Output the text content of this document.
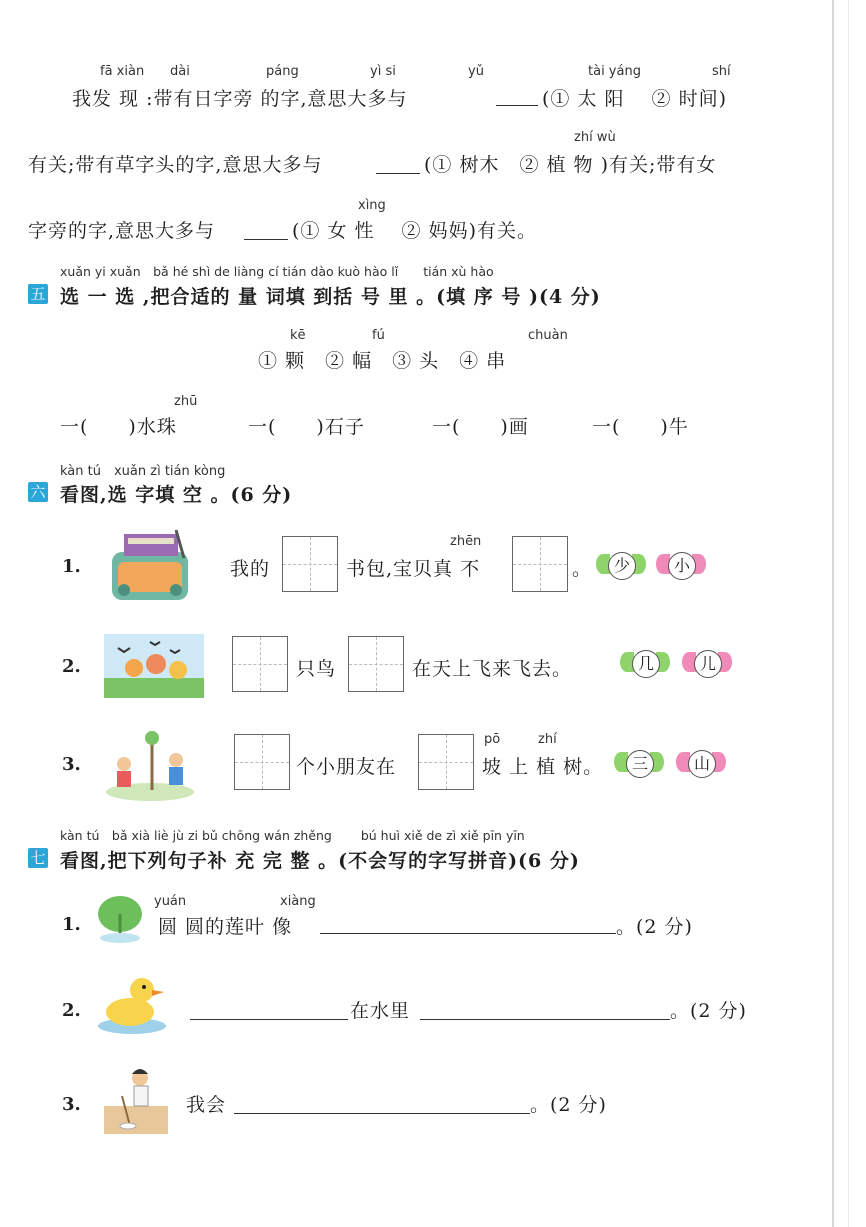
fā xiàn dài	páng	yì si	yǔ	tài yáng	shí
我发 现 :带有日字旁 的字,意思大多与	(① 太 阳　 ② 时间)
zhí wù
有关;带有草字头的字,意思大多与	(① 树木　② 植 物 )有关;带有女
xìng
字旁的字,意思大多与	(① 女 性　 ② 妈妈)有关。
xuǎn yi xuǎn　bǎ hé shì de liàng cí tián dào kuò hào lǐ　　tián xù hào
五 选 一 选 ,把合适的 量 词填 到括 号 里 。(填 序 号 )(4 分)
kē	fú	chuàn
① 颗　② 幅　③ 头　④ 串
zhū
一(　　)水珠	一(　　)石子	一(　　)画	一(　　)牛
kàn tú　xuǎn zì tián kòng
六 看图,选 字填 空 。(6 分)
1.	我的	书包,宝贝真 不
zhēn
。	少	小
2.	只鸟	在天上飞来飞去。	几	儿
3.	个小朋友在
pō	zhí
坡 上 植 树。	三	山
kàn tú　bǎ xià liè jù zi bǔ chōng wán zhěng　　 bú huì xiě de zì xiě pīn yīn
七 看图,把下列句子补 充 完 整 。(不会写的字写拼音)(6 分)
1.
yuán	xiàng
圆 圆的莲叶 像	。(2 分)
2.	在水里	。(2 分)
3.	我会	。(2 分)
